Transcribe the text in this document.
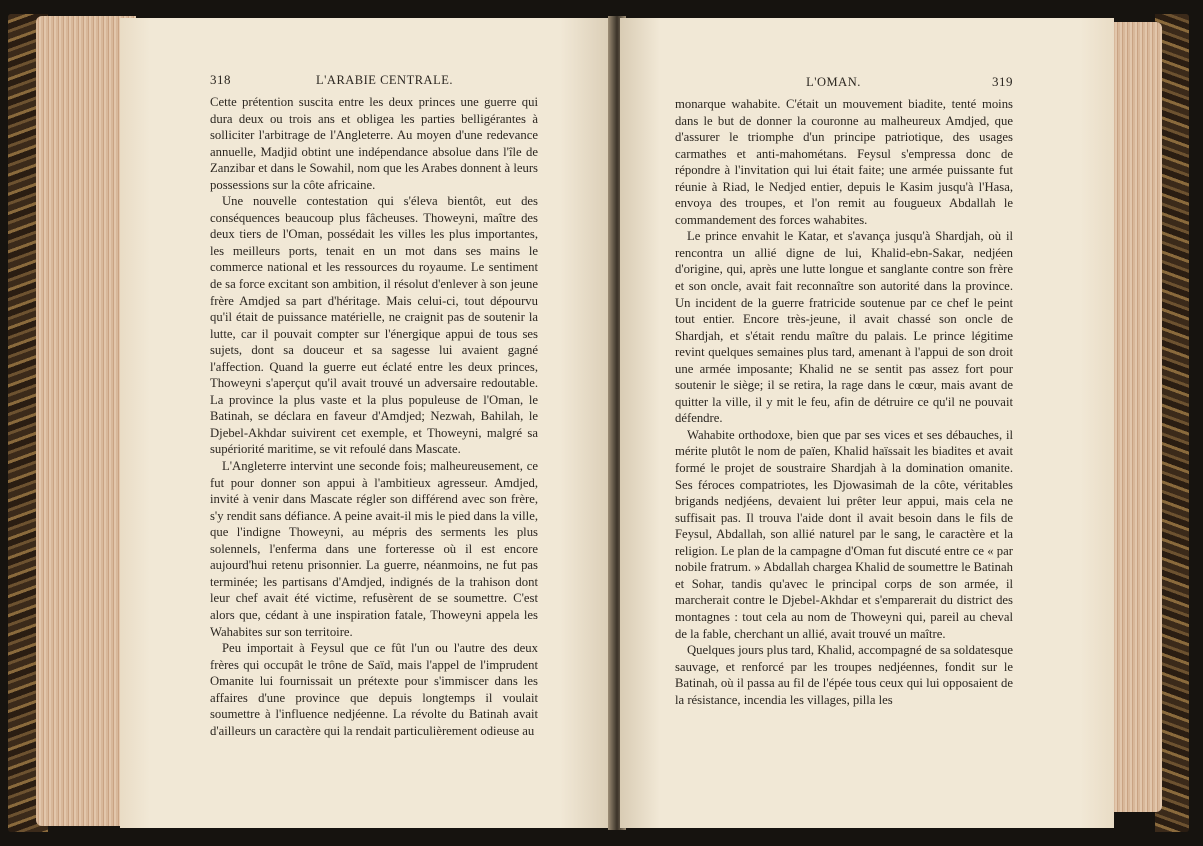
318	L'ARABIE CENTRALE.

Cette prétention suscita entre les deux princes une guerre qui dura deux ou trois ans et obligea les parties belligérantes à solliciter l'arbitrage de l'Angleterre. Au moyen d'une redevance annuelle, Madjid obtint une indépendance absolue dans l'île de Zanzibar et dans le Sowahil, nom que les Arabes donnent à leurs possessions sur la côte africaine.

Une nouvelle contestation qui s'éleva bientôt, eut des conséquences beaucoup plus fâcheuses. Thoweyni, maître des deux tiers de l'Oman, possédait les villes les plus importantes, les meilleurs ports, tenait en un mot dans ses mains le commerce national et les ressources du royaume. Le sentiment de sa force excitant son ambition, il résolut d'enlever à son jeune frère Amdjed sa part d'héritage. Mais celui-ci, tout dépourvu qu'il était de puissance matérielle, ne craignit pas de soutenir la lutte, car il pouvait compter sur l'énergique appui de tous ses sujets, dont sa douceur et sa sagesse lui avaient gagné l'affection. Quand la guerre eut éclaté entre les deux princes, Thoweyni s'aperçut qu'il avait trouvé un adversaire redoutable. La province la plus vaste et la plus populeuse de l'Oman, le Batinah, se déclara en faveur d'Amdjed; Nezwah, Bahilah, le Djebel-Akhdar suivirent cet exemple, et Thoweyni, malgré sa supériorité maritime, se vit refoulé dans Mascate.

L'Angleterre intervint une seconde fois; malheureusement, ce fut pour donner son appui à l'ambitieux agresseur. Amdjed, invité à venir dans Mascate régler son différend avec son frère, s'y rendit sans défiance. A peine avait-il mis le pied dans la ville, que l'indigne Thoweyni, au mépris des serments les plus solennels, l'enferma dans une forteresse où il est encore aujourd'hui retenu prisonnier. La guerre, néanmoins, ne fut pas terminée; les partisans d'Amdjed, indignés de la trahison dont leur chef avait été victime, refusèrent de se soumettre. C'est alors que, cédant à une inspiration fatale, Thoweyni appela les Wahabites sur son territoire.

Peu importait à Feysul que ce fût l'un ou l'autre des deux frères qui occupât le trône de Saïd, mais l'appel de l'imprudent Omanite lui fournissait un prétexte pour s'immiscer dans les affaires d'une province que depuis longtemps il voulait soumettre à l'influence nedjéenne. La révolte du Batinah avait d'ailleurs un caractère qui la rendait particulièrement odieuse au

L'OMAN.	319

monarque wahabite. C'était un mouvement biadite, tenté moins dans le but de donner la couronne au malheureux Amdjed, que d'assurer le triomphe d'un principe patriotique, des usages carmathes et anti-mahométans. Feysul s'empressa donc de répondre à l'invitation qui lui était faite; une armée puissante fut réunie à Riad, le Nedjed entier, depuis le Kasim jusqu'à l'Hasa, envoya des troupes, et l'on remit au fougueux Abdallah le commandement des forces wahabites.

Le prince envahit le Katar, et s'avança jusqu'à Shardjah, où il rencontra un allié digne de lui, Khalid-ebn-Sakar, nedjéen d'origine, qui, après une lutte longue et sanglante contre son frère et son oncle, avait fait reconnaître son autorité dans la province. Un incident de la guerre fratricide soutenue par ce chef le peint tout entier. Encore très-jeune, il avait chassé son oncle de Shardjah, et s'était rendu maître du palais. Le prince légitime revint quelques semaines plus tard, amenant à l'appui de son droit une armée imposante; Khalid ne se sentit pas assez fort pour soutenir le siège; il se retira, la rage dans le cœur, mais avant de quitter la ville, il y mit le feu, afin de détruire ce qu'il ne pouvait défendre.

Wahabite orthodoxe, bien que par ses vices et ses débauches, il mérite plutôt le nom de païen, Khalid haïssait les biadites et avait formé le projet de soustraire Shardjah à la domination omanite. Ses féroces compatriotes, les Djowasimah de la côte, véritables brigands nedjéens, devaient lui prêter leur appui, mais cela ne suffisait pas. Il trouva l'aide dont il avait besoin dans le fils de Feysul, Abdallah, son allié naturel par le sang, le caractère et la religion. Le plan de la campagne d'Oman fut discuté entre ce « par nobile fratrum. » Abdallah chargea Khalid de soumettre le Batinah et Sohar, tandis qu'avec le principal corps de son armée, il marcherait contre le Djebel-Akhdar et s'emparerait du district des montagnes : tout cela au nom de Thoweyni qui, pareil au cheval de la fable, cherchant un allié, avait trouvé un maître.

Quelques jours plus tard, Khalid, accompagné de sa soldatesque sauvage, et renforcé par les troupes nedjéennes, fondit sur le Batinah, où il passa au fil de l'épée tous ceux qui lui opposaient de la résistance, incendia les villages, pilla les
